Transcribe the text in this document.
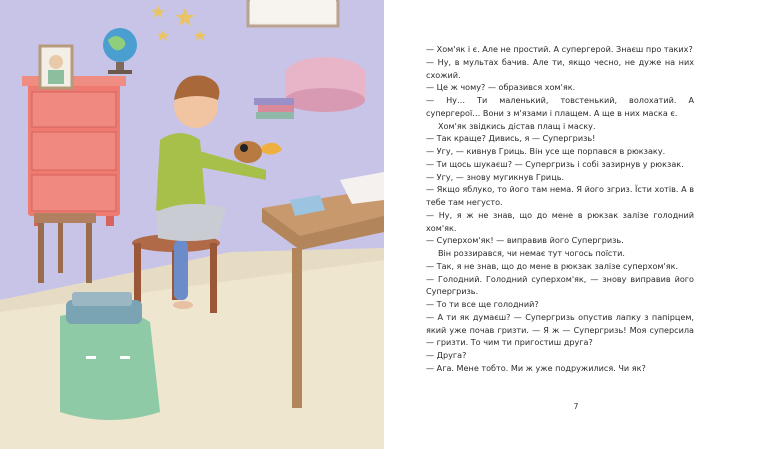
— Хом'як і є. Але не простий. А супергерой. Знаєш про таких?

— Ну, в мультах бачив. Але ти, якщо чесно, не дуже на них схожий.

— Це ж чому? — образився хом'як.

— Ну… Ти маленький, товстенький, волохатий. А супергерої… Вони з м'язами і плащем. А ще в них маска є.

Хом'як звідкись дістав плащ і маску.

— Так краще? Дивись, я — Супергризь!

— Угу, — кивнув Гриць. Він усе ще порпався в рюкзаку.

— Ти щось шукаєш? — Супергризь і собі зазирнув у рюкзак.

— Угу, — знову мугикнув Гриць.

— Якщо яблуко, то його там нема. Я його згриз. Їсти хотів. А в тебе там негусто.

— Ну, я ж не знав, що до мене в рюкзак залізе голодний хом'як.

— Суперхом'як! — виправив його Супергризь.

Він роззирався, чи немає тут чогось поїсти.

— Так, я не знав, що до мене в рюкзак залізе суперхом'як.

— Голодний. Голодний суперхом'як, — знову виправив його Супергризь.

— То ти все ще голодний?

— А ти як думаєш? — Супергризь опустив лапку з папірцем, який уже почав гризти. — Я ж — Супергризь! Моя суперсила — гризти. То чим ти пригостиш друга?

— Друга?

— Ага. Мене тобто. Ми ж уже подружилися. Чи як?

7
